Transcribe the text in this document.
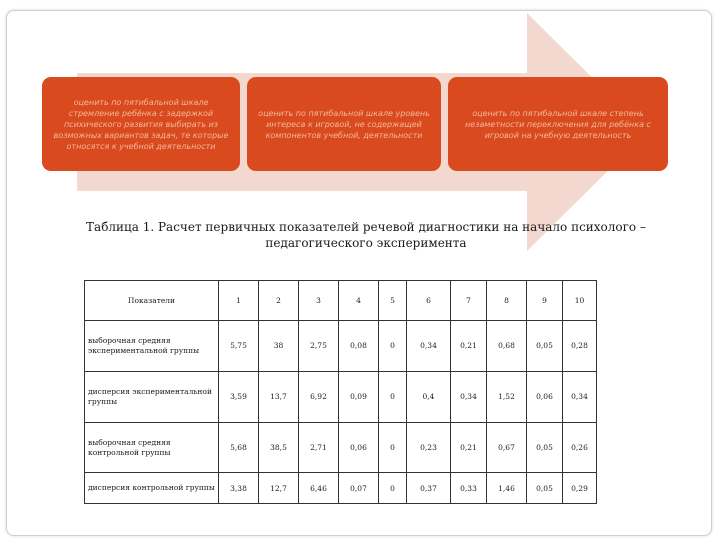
оценить по пятибальной шкале стремление ребёнка с задержкой психического развития выбирать из возможных вариантов задач, те которые относятся к учебной деятельности
оценить по пятибальной шкале уровень интереса к игровой, не содержащей компонентов учебной, деятельности
оценить по пятибальной шкале степень незаметности переключения для ребёнка с игровой на учебную деятельность
Таблица 1. Расчет первичных показателей речевой диагностики на начало психолого – педагогического эксперимента
Показатели	1	2	3	4	5	6	7	8	9	10
выборочная средняя экспериментальной группы	5,75	38	2,75	0,08	0	0,34	0,21	0,68	0,05	0,28
дисперсия экспериментальной группы	3,59	13,7	6,92	0,09	0	0,4	0,34	1,52	0,06	0,34
выборочная средняя контрольной группы	5,68	38,5	2,71	0,06	0	0,23	0,21	0,67	0,05	0,26
дисперсия контрольной группы	3,38	12,7	6,46	0,07	0	0,37	0,33	1,46	0,05	0,29
